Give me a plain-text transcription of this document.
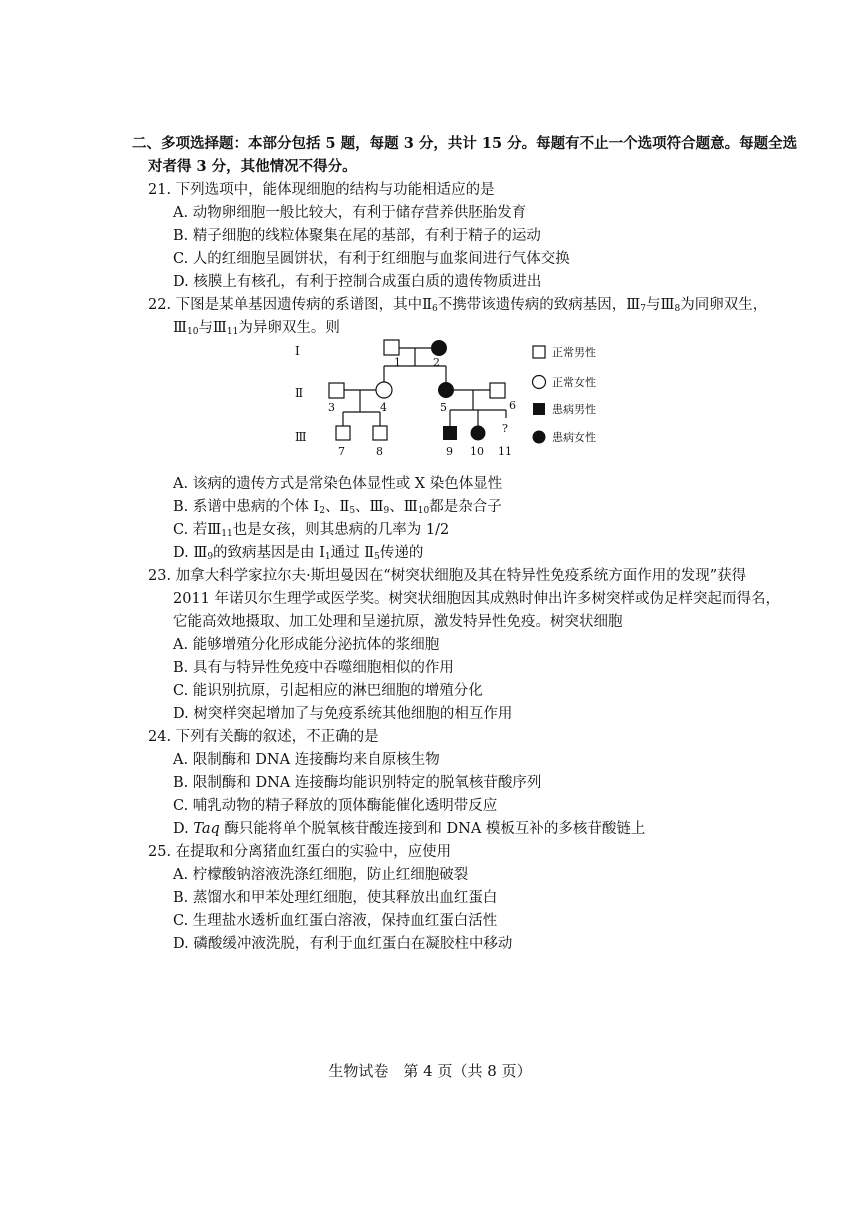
二、多项选择题：本部分包括 5 题，每题 3 分，共计 15 分。每题有不止一个选项符合题意。每题全选
对者得 3 分，其他情况不得分。
21. 下列选项中，能体现细胞的结构与功能相适应的是
A. 动物卵细胞一般比较大，有利于储存营养供胚胎发育
B. 精子细胞的线粒体聚集在尾的基部，有利于精子的运动
C. 人的红细胞呈圆饼状，有利于红细胞与血浆间进行气体交换
D. 核膜上有核孔，有利于控制合成蛋白质的遗传物质进出
22. 下图是某单基因遗传病的系谱图，其中$Ⅱ_6$不携带该遗传病的致病基因，$Ⅲ_7$与$Ⅲ_8$为同卵双生，
$Ⅲ_{10}$与$Ⅲ_{11}$为异卵双生。则
I
Ⅱ
Ⅲ
1	2
3	4	5	6
7	8	9 10
?
11
正常男性
正常女性
患病男性
患病女性
A. 该病的遗传方式是常染色体显性或 X 染色体显性
B. 系谱中患病的个体 $Ⅰ_2$、$Ⅱ_5$、$Ⅲ_9$、$Ⅲ_{10}$都是杂合子
C. 若$Ⅲ_{11}$也是女孩，则其患病的几率为 1/2
D. $Ⅲ_9$的致病基因是由 $Ⅰ_1$通过 $Ⅱ_5$传递的
23. 加拿大科学家拉尔夫·斯坦曼因在“树突状细胞及其在特异性免疫系统方面作用的发现”获得
2011 年诺贝尔生理学或医学奖。树突状细胞因其成熟时伸出许多树突样或伪足样突起而得名，
它能高效地摄取、加工处理和呈递抗原，激发特异性免疫。树突状细胞
A. 能够增殖分化形成能分泌抗体的浆细胞
B. 具有与特异性免疫中吞噬细胞相似的作用
C. 能识别抗原，引起相应的淋巴细胞的增殖分化
D. 树突样突起增加了与免疫系统其他细胞的相互作用
24. 下列有关酶的叙述，不正确的是
A. 限制酶和 DNA 连接酶均来自原核生物
B. 限制酶和 DNA 连接酶均能识别特定的脱氧核苷酸序列
C. 哺乳动物的精子释放的顶体酶能催化透明带反应
D. Taq 酶只能将单个脱氧核苷酸连接到和 DNA 模板互补的多核苷酸链上
25. 在提取和分离猪血红蛋白的实验中，应使用
A. 柠檬酸钠溶液洗涤红细胞，防止红细胞破裂
B. 蒸馏水和甲苯处理红细胞，使其释放出血红蛋白
C. 生理盐水透析血红蛋白溶液，保持血红蛋白活性
D. 磷酸缓冲液洗脱，有利于血红蛋白在凝胶柱中移动
生物试卷　第 4 页（共 8 页）
